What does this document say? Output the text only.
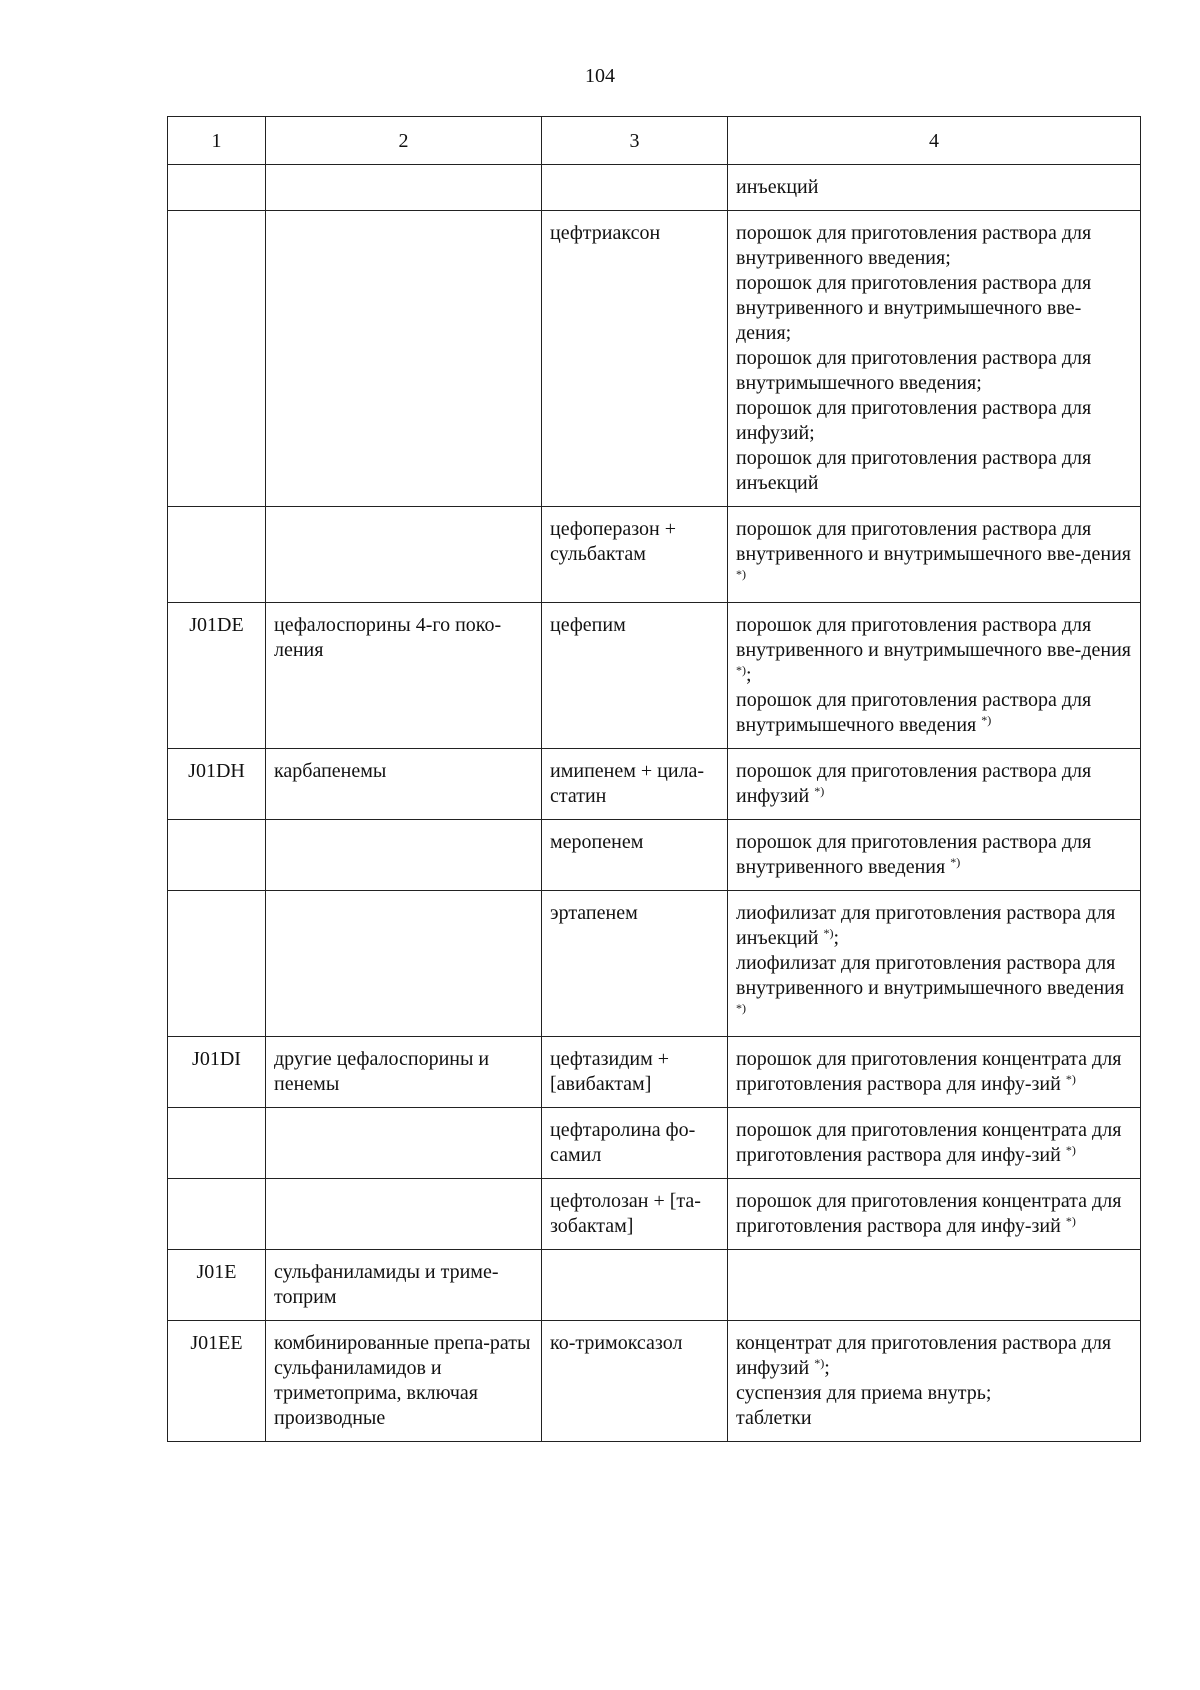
104
1	2	3	4

			инъекций

		цефтриаксон	порошок для приготовления раствора для внутривенного введения;
порошок для приготовления раствора для внутривенного и внутримышечного вве-дения;
порошок для приготовления раствора для внутримышечного введения;
порошок для приготовления раствора для инфузий;
порошок для приготовления раствора для инъекций

		цефоперазон + сульбактам	порошок для приготовления раствора для внутривенного и внутримышечного вве-дения *)

J01DE	цефалоспорины 4-го поко-ления	цефепим	порошок для приготовления раствора для внутривенного и внутримышечного вве-дения *);
порошок для приготовления раствора для внутримышечного введения *)

J01DH	карбапенемы	имипенем + цила-статин	порошок для приготовления раствора для инфузий *)

		меропенем	порошок для приготовления раствора для внутривенного введения *)

		эртапенем	лиофилизат для приготовления раствора для инъекций *);
лиофилизат для приготовления раствора для внутривенного и внутримышечного введения *)

J01DI	другие цефалоспорины и пенемы	цефтазидим + [авибактам]	порошок для приготовления концентрата для приготовления раствора для инфу-зий *)

		цефтаролина фо-самил	порошок для приготовления концентрата для приготовления раствора для инфу-зий *)

		цефтолозан + [та-зобактам]	порошок для приготовления концентрата для приготовления раствора для инфу-зий *)

J01E	сульфаниламиды и триме-топрим		
J01EE	комбинированные препа-раты сульфаниламидов и триметоприма, включая производные	ко-тримоксазол	концентрат для приготовления раствора для инфузий *);
суспензия для приема внутрь;
таблетки
